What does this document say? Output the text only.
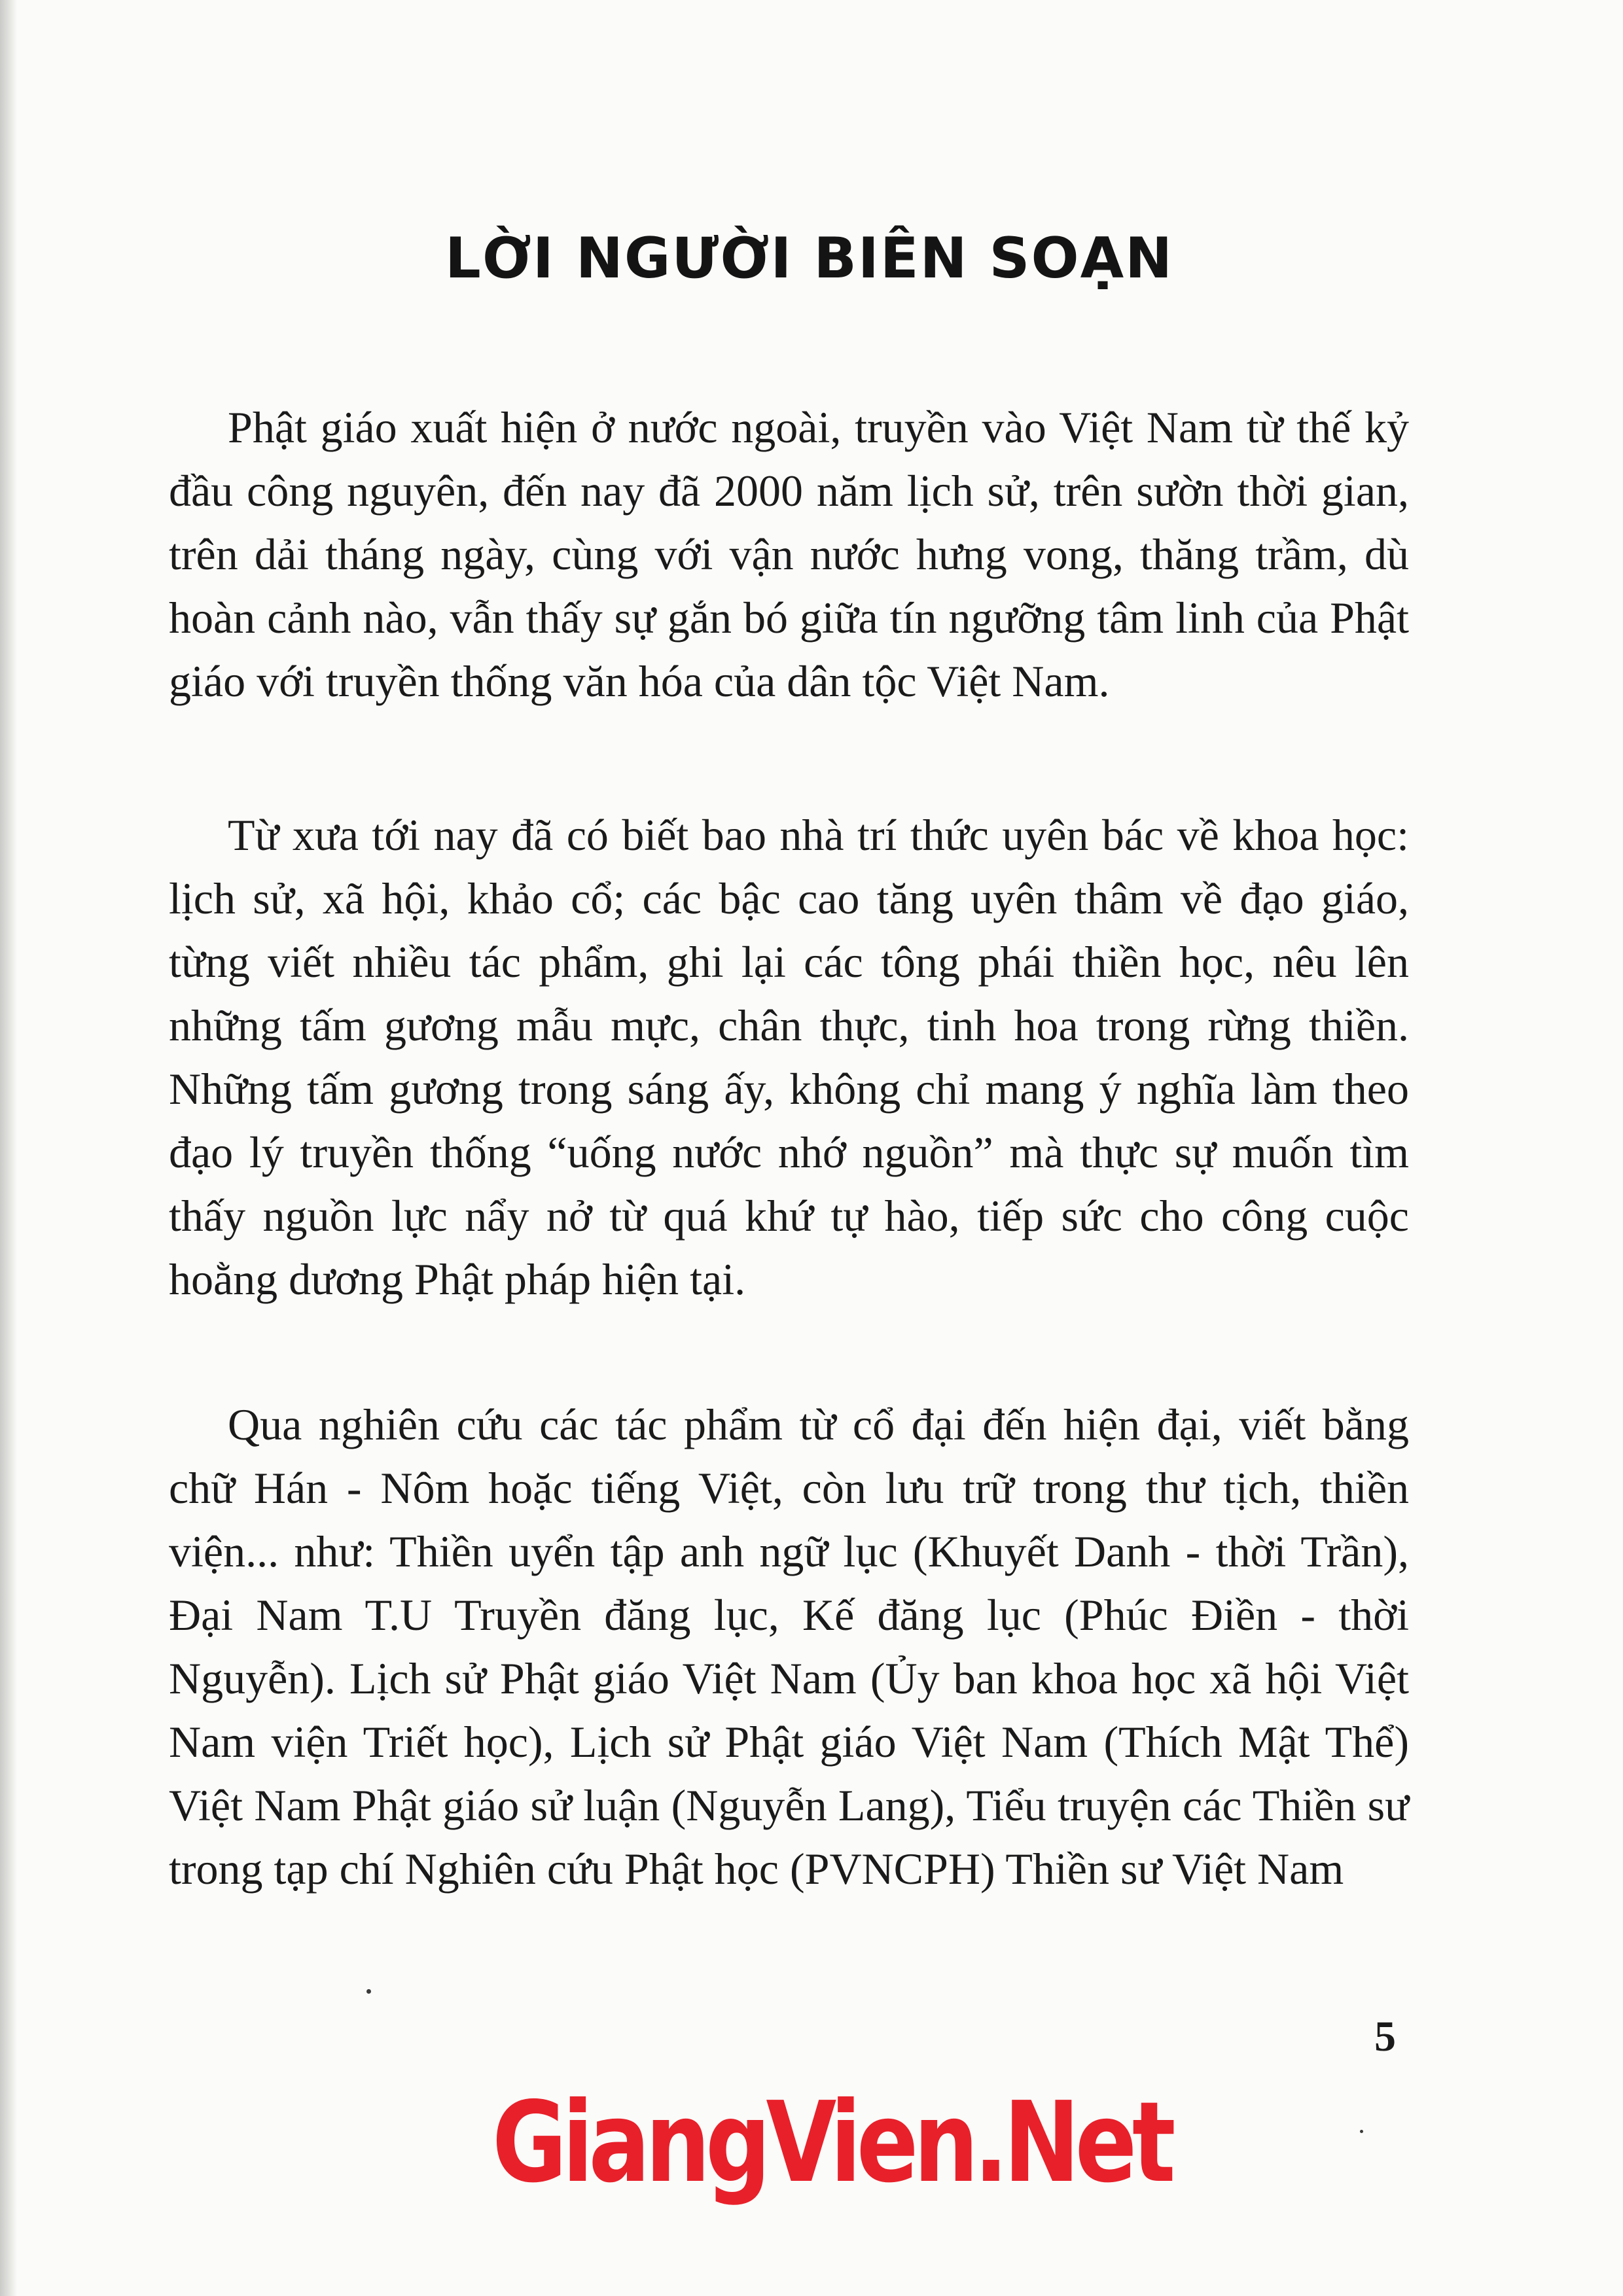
LỜI NGƯỜI BIÊN SOẠN

Phật giáo xuất hiện ở nước ngoài, truyền vào Việt Nam từ thế kỷ đầu công nguyên, đến nay đã 2000 năm lịch sử, trên sườn thời gian, trên dải tháng ngày, cùng với vận nước hưng vong, thăng trầm, dù hoàn cảnh nào, vẫn thấy sự gắn bó giữa tín ngưỡng tâm linh của Phật giáo với truyền thống văn hóa của dân tộc Việt Nam.

Từ xưa tới nay đã có biết bao nhà trí thức uyên bác về khoa học: lịch sử, xã hội, khảo cổ; các bậc cao tăng uyên thâm về đạo giáo, từng viết nhiều tác phẩm, ghi lại các tông phái thiền học, nêu lên những tấm gương mẫu mực, chân thực, tinh hoa trong rừng thiền. Những tấm gương trong sáng ấy, không chỉ mang ý nghĩa làm theo đạo lý truyền thống “uống nước nhớ nguồn” mà thực sự muốn tìm thấy nguồn lực nẩy nở từ quá khứ tự hào, tiếp sức cho công cuộc hoằng dương Phật pháp hiện tại.

Qua nghiên cứu các tác phẩm từ cổ đại đến hiện đại, viết bằng chữ Hán - Nôm hoặc tiếng Việt, còn lưu trữ trong thư tịch, thiền viện... như: Thiền uyển tập anh ngữ lục (Khuyết Danh - thời Trần), Đại Nam T.U Truyền đăng lục, Kế đăng lục (Phúc Điền - thời Nguyễn). Lịch sử Phật giáo Việt Nam (Ủy ban khoa học xã hội Việt Nam viện Triết học), Lịch sử Phật giáo Việt Nam (Thích Mật Thể) Việt Nam Phật giáo sử luận (Nguyễn Lang), Tiểu truyện các Thiền sư trong tạp chí Nghiên cứu Phật học (PVNCPH) Thiền sư Việt Nam

5
GiangVien.Net
